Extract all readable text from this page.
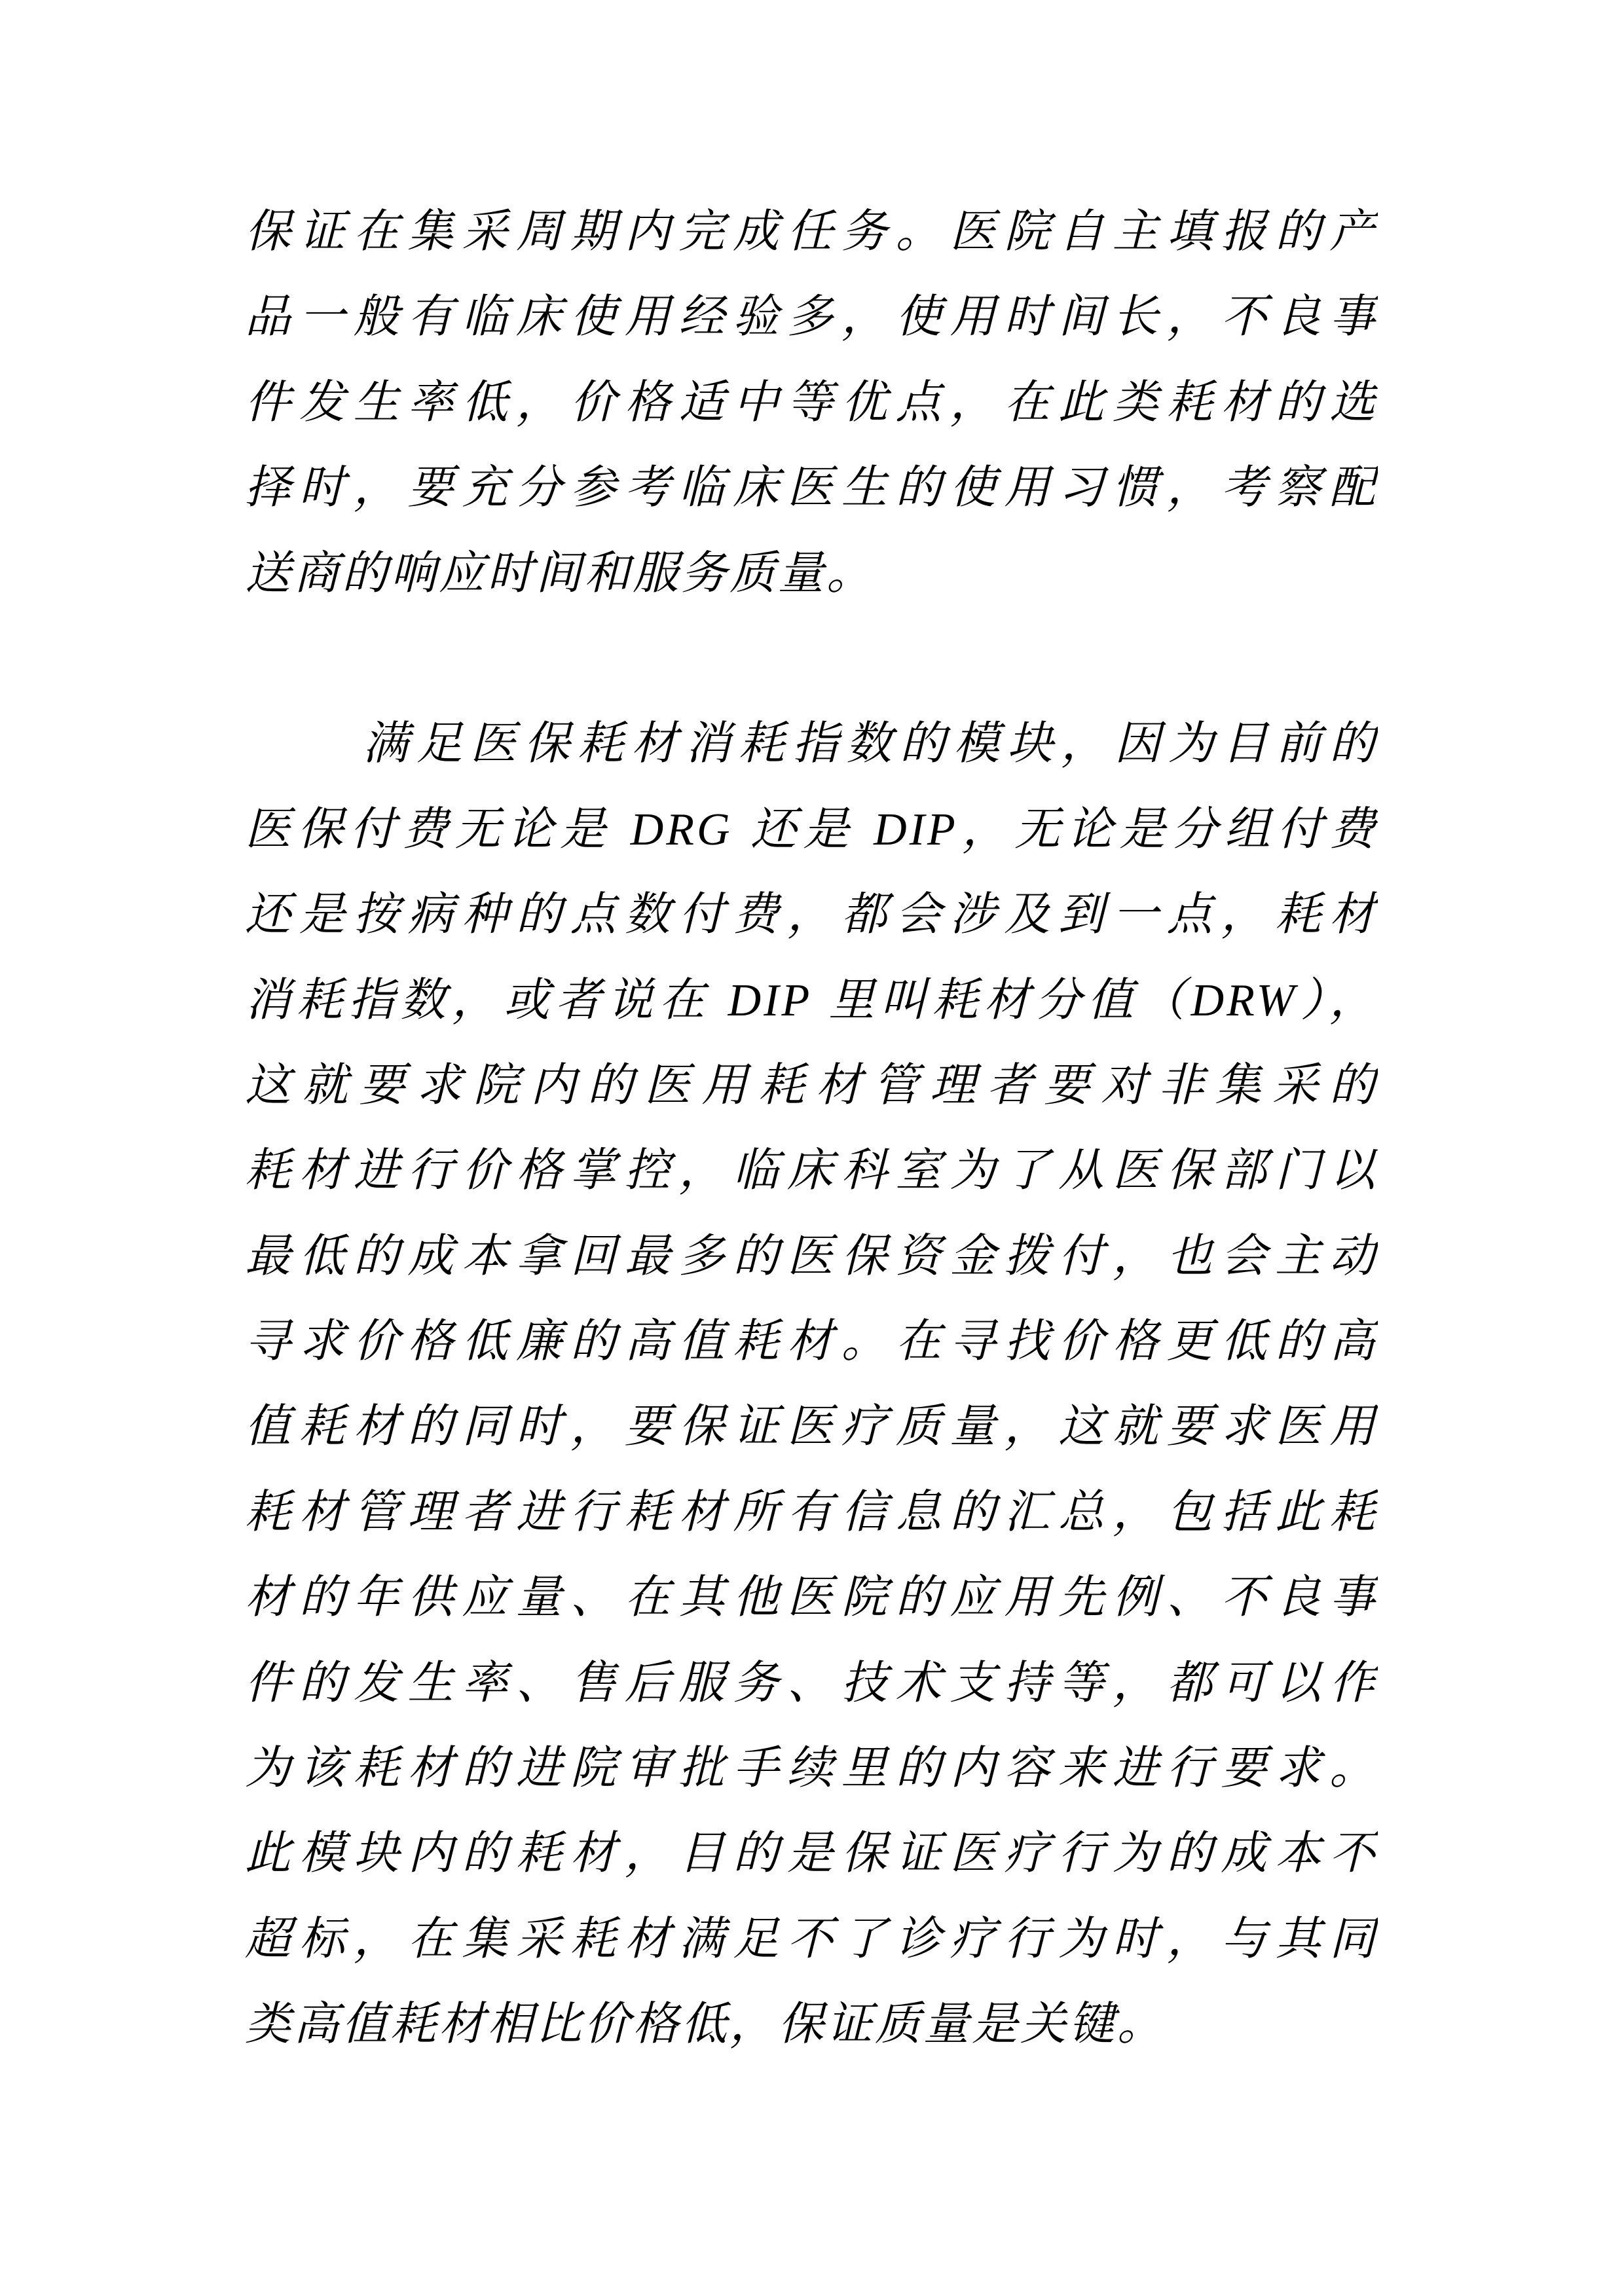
保证在集采周期内完成任务。医院自主填报的产
品一般有临床使用经验多，使用时间长，不良事
件发生率低，价格适中等优点，在此类耗材的选
择时，要充分参考临床医生的使用习惯，考察配
送商的响应时间和服务质量。
满足医保耗材消耗指数的模块，因为目前的
医保付费无论是 DRG 还是 DIP，无论是分组付费
还是按病种的点数付费，都会涉及到一点，耗材
消耗指数，或者说在 DIP 里叫耗材分值（DRW），
这就要求院内的医用耗材管理者要对非集采的
耗材进行价格掌控，临床科室为了从医保部门以
最低的成本拿回最多的医保资金拨付，也会主动
寻求价格低廉的高值耗材。在寻找价格更低的高
值耗材的同时，要保证医疗质量，这就要求医用
耗材管理者进行耗材所有信息的汇总，包括此耗
材的年供应量、在其他医院的应用先例、不良事
件的发生率、售后服务、技术支持等，都可以作
为该耗材的进院审批手续里的内容来进行要求。
此模块内的耗材，目的是保证医疗行为的成本不
超标，在集采耗材满足不了诊疗行为时，与其同
类高值耗材相比价格低，保证质量是关键。
